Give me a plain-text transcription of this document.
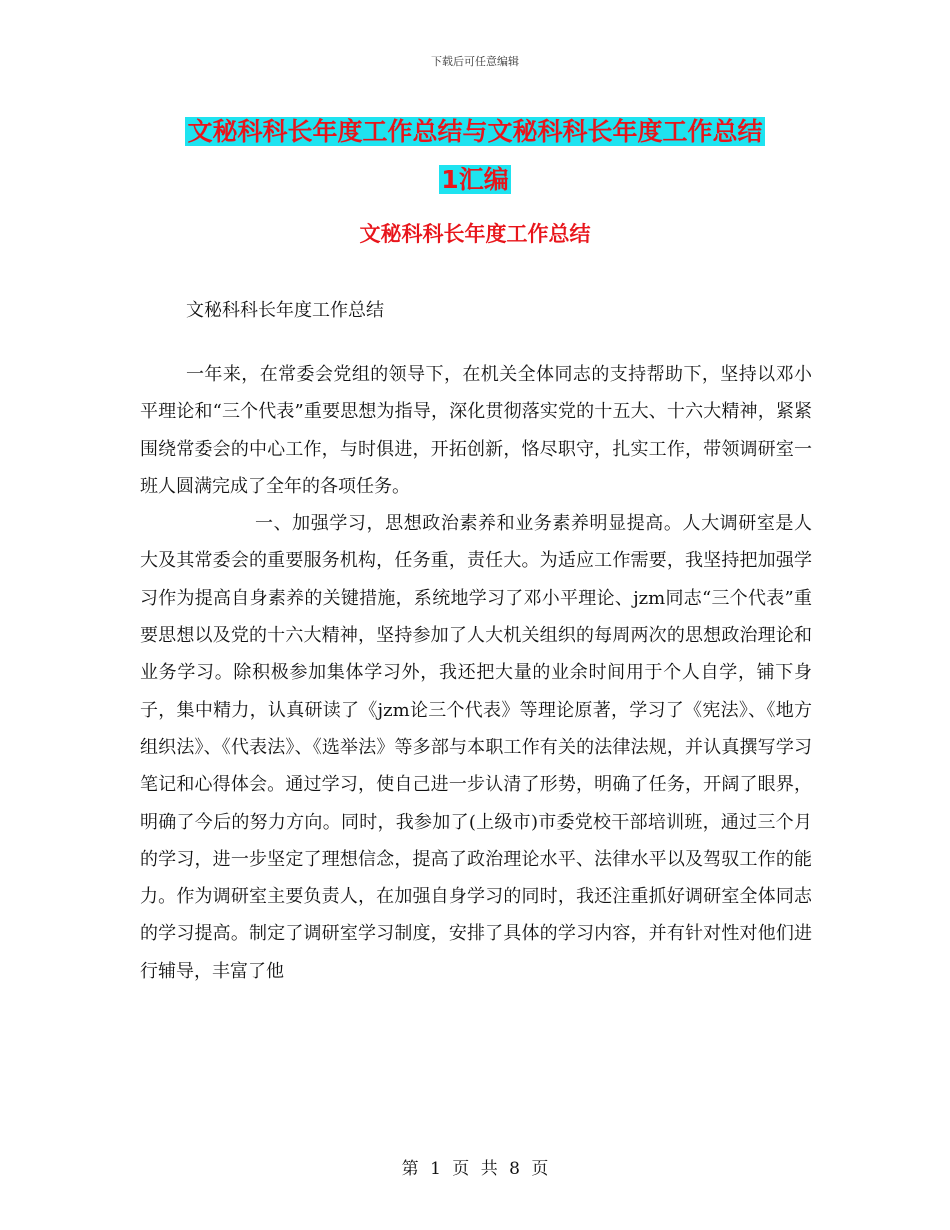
下载后可任意编辑
文秘科科长年度工作总结与文秘科科长年度工作总结
1汇编
文秘科科长年度工作总结
文秘科科长年度工作总结

一年来，在常委会党组的领导下，在机关全体同志的支持帮助下，坚持以邓小平理论和“三个代表”重要思想为指导，深化贯彻落实党的十五大、十六大精神，紧紧围绕常委会的中心工作，与时俱进，开拓创新，恪尽职守，扎实工作，带领调研室一班人圆满完成了全年的各项任务。

一、加强学习，思想政治素养和业务素养明显提高。人大调研室是人大及其常委会的重要服务机构，任务重，责任大。为适应工作需要，我坚持把加强学习作为提高自身素养的关键措施，系统地学习了邓小平理论、jzm同志“三个代表”重要思想以及党的十六大精神，坚持参加了人大机关组织的每周两次的思想政治理论和业务学习。除积极参加集体学习外，我还把大量的业余时间用于个人自学，铺下身子，集中精力，认真研读了《jzm论三个代表》等理论原著，学习了《宪法》、《地方组织法》、《代表法》、《选举法》等多部与本职工作有关的法律法规，并认真撰写学习笔记和心得体会。通过学习，使自己进一步认清了形势，明确了任务，开阔了眼界，明确了今后的努力方向。同时，我参加了(上级市)市委党校干部培训班，通过三个月的学习，进一步坚定了理想信念，提高了政治理论水平、法律水平以及驾驭工作的能力。作为调研室主要负责人，在加强自身学习的同时，我还注重抓好调研室全体同志的学习提高。制定了调研室学习制度，安排了具体的学习内容，并有针对性对他们进行辅导，丰富了他

第 1 页 共 8 页
